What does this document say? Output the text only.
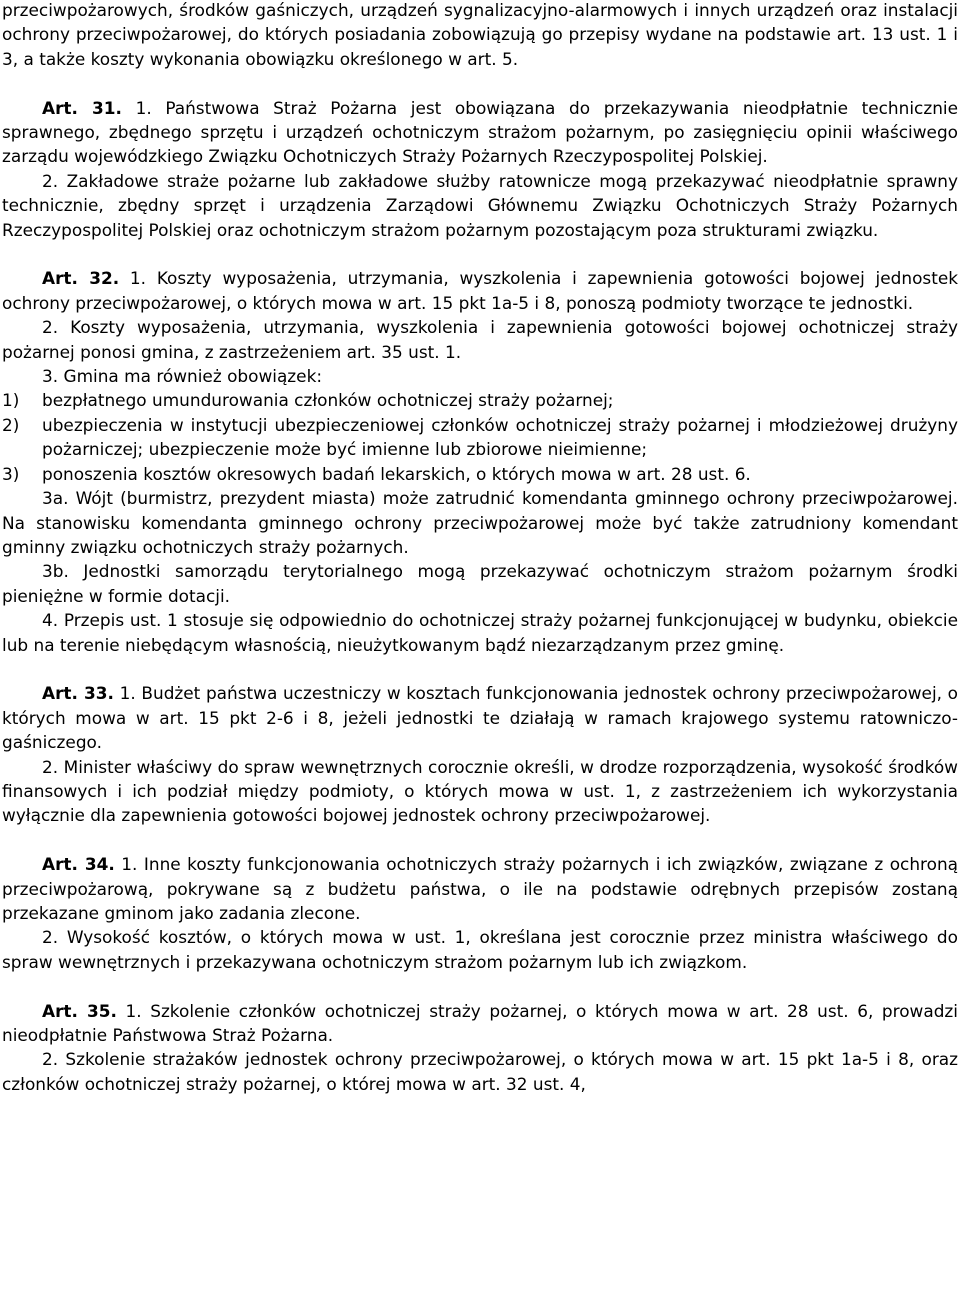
przeciwpożarowych, środków gaśniczych, urządzeń sygnalizacyjno-alarmowych i innych urządzeń oraz instalacji ochrony przeciwpożarowej, do których posiadania zobowiązują go przepisy wydane na podstawie art. 13 ust. 1 i 3, a także koszty wykonania obowiązku określonego w art. 5.

Art. 31. 1. Państwowa Straż Pożarna jest obowiązana do przekazywania nieodpłatnie technicznie sprawnego, zbędnego sprzętu i urządzeń ochotniczym strażom pożarnym, po zasięgnięciu opinii właściwego zarządu wojewódzkiego Związku Ochotniczych Straży Pożarnych Rzeczypospolitej Polskiej.

2. Zakładowe straże pożarne lub zakładowe służby ratownicze mogą przekazywać nieodpłatnie sprawny technicznie, zbędny sprzęt i urządzenia Zarządowi Głównemu Związku Ochotniczych Straży Pożarnych Rzeczypospolitej Polskiej oraz ochotniczym strażom pożarnym pozostającym poza strukturami związku.

Art. 32. 1. Koszty wyposażenia, utrzymania, wyszkolenia i zapewnienia gotowości bojowej jednostek ochrony przeciwpożarowej, o których mowa w art. 15 pkt 1a-5 i 8, ponoszą podmioty tworzące te jednostki.

2. Koszty wyposażenia, utrzymania, wyszkolenia i zapewnienia gotowości bojowej ochotniczej straży pożarnej ponosi gmina, z zastrzeżeniem art. 35 ust. 1.

3. Gmina ma również obowiązek:

1)	bezpłatnego umundurowania członków ochotniczej straży pożarnej;
2)	ubezpieczenia w instytucji ubezpieczeniowej członków ochotniczej straży pożarnej i młodzieżowej drużyny pożarniczej; ubezpieczenie może być imienne lub zbiorowe nieimienne;
3)	ponoszenia kosztów okresowych badań lekarskich, o których mowa w art. 28 ust. 6.

3a. Wójt (burmistrz, prezydent miasta) może zatrudnić komendanta gminnego ochrony przeciwpożarowej. Na stanowisku komendanta gminnego ochrony przeciwpożarowej może być także zatrudniony komendant gminny związku ochotniczych straży pożarnych.

3b. Jednostki samorządu terytorialnego mogą przekazywać ochotniczym strażom pożarnym środki pieniężne w formie dotacji.

4. Przepis ust. 1 stosuje się odpowiednio do ochotniczej straży pożarnej funkcjonującej w budynku, obiekcie lub na terenie niebędącym własnością, nieużytkowanym bądź niezarządzanym przez gminę.

Art. 33. 1. Budżet państwa uczestniczy w kosztach funkcjonowania jednostek ochrony przeciwpożarowej, o których mowa w art. 15 pkt 2-6 i 8, jeżeli jednostki te działają w ramach krajowego systemu ratowniczo-gaśniczego.

2. Minister właściwy do spraw wewnętrznych corocznie określi, w drodze rozporządzenia, wysokość środków finansowych i ich podział między podmioty, o których mowa w ust. 1, z zastrzeżeniem ich wykorzystania wyłącznie dla zapewnienia gotowości bojowej jednostek ochrony przeciwpożarowej.

Art. 34. 1. Inne koszty funkcjonowania ochotniczych straży pożarnych i ich związków, związane z ochroną przeciwpożarową, pokrywane są z budżetu państwa, o ile na podstawie odrębnych przepisów zostaną przekazane gminom jako zadania zlecone.

2. Wysokość kosztów, o których mowa w ust. 1, określana jest corocznie przez ministra właściwego do spraw wewnętrznych i przekazywana ochotniczym strażom pożarnym lub ich związkom.

Art. 35. 1. Szkolenie członków ochotniczej straży pożarnej, o których mowa w art. 28 ust. 6, prowadzi nieodpłatnie Państwowa Straż Pożarna.

2. Szkolenie strażaków jednostek ochrony przeciwpożarowej, o których mowa w art. 15 pkt 1a-5 i 8, oraz członków ochotniczej straży pożarnej, o której mowa w art. 32 ust. 4,
